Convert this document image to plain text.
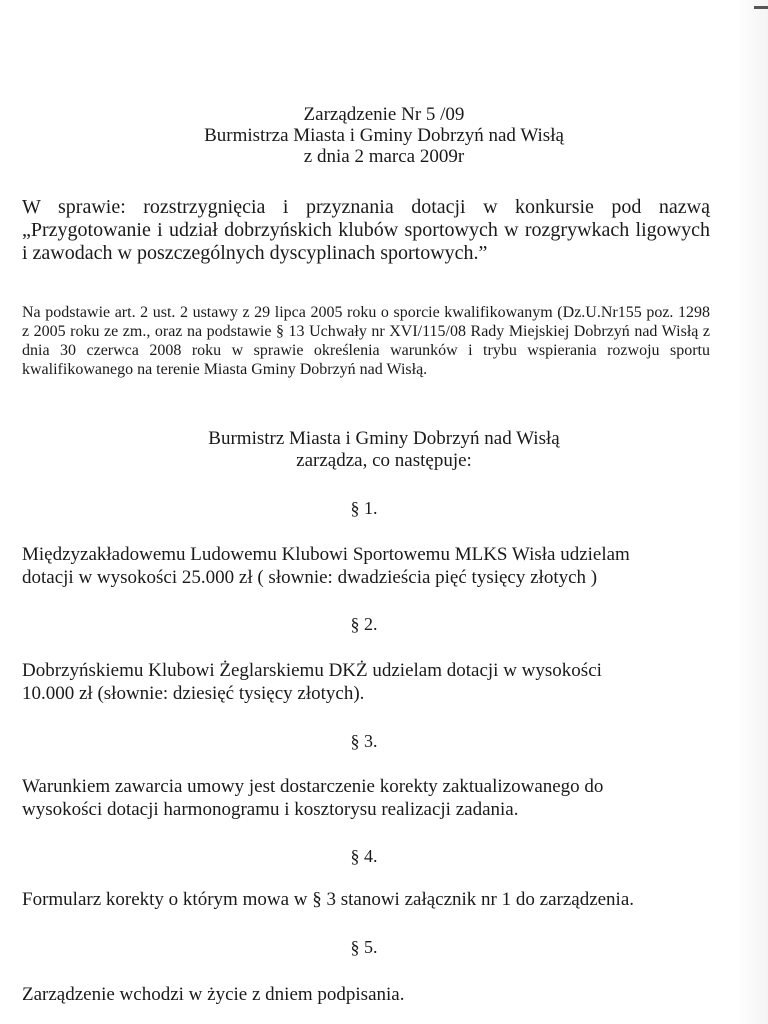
Zarządzenie Nr 5 /09
Burmistrza Miasta i Gminy Dobrzyń nad Wisłą
z dnia 2 marca 2009r
W sprawie: rozstrzygnięcia i przyznania dotacji w konkursie pod nazwą „Przygotowanie i udział dobrzyńskich klubów sportowych w rozgrywkach ligowych i zawodach w poszczególnych dyscyplinach sportowych.”
Na podstawie art. 2 ust. 2 ustawy z 29 lipca 2005 roku o sporcie kwalifikowanym (Dz.U.Nr155 poz. 1298 z 2005 roku ze zm., oraz na podstawie § 13 Uchwały nr XVI/115/08 Rady Miejskiej Dobrzyń nad Wisłą z dnia 30 czerwca 2008 roku w sprawie określenia warunków i trybu wspierania rozwoju sportu kwalifikowanego na terenie Miasta Gminy Dobrzyń nad Wisłą.
Burmistrz Miasta i Gminy Dobrzyń nad Wisłą
zarządza, co następuje:
§ 1.
Międzyzakładowemu Ludowemu Klubowi Sportowemu MLKS Wisła udzielam
dotacji w wysokości 25.000 zł ( słownie: dwadzieścia pięć tysięcy złotych )
§ 2.
Dobrzyńskiemu Klubowi Żeglarskiemu DKŻ udzielam dotacji w wysokości
10.000 zł (słownie: dziesięć tysięcy złotych).
§ 3.
Warunkiem zawarcia umowy jest dostarczenie korekty zaktualizowanego do
wysokości dotacji harmonogramu i kosztorysu realizacji zadania.
§ 4.
Formularz korekty o którym mowa w § 3 stanowi załącznik nr 1 do zarządzenia.
§ 5.
Zarządzenie wchodzi w życie z dniem podpisania.
